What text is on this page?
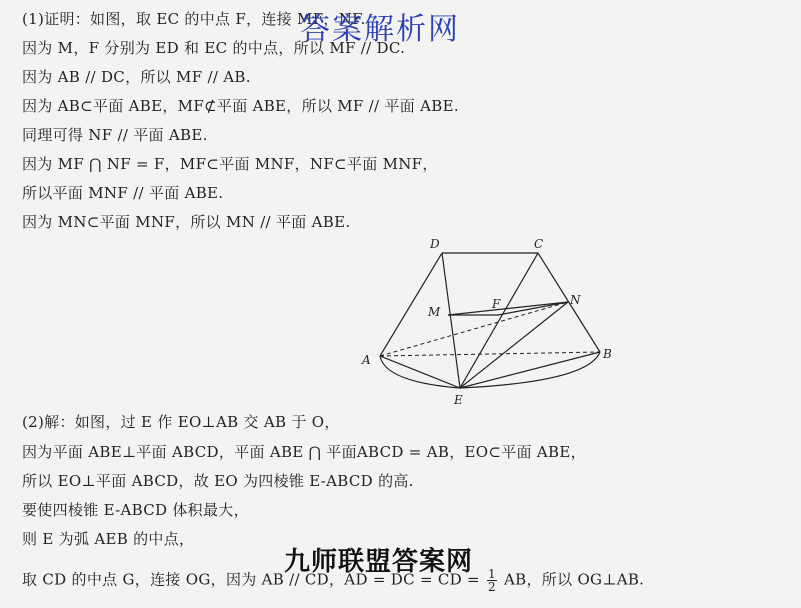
(1)证明：如图，取 EC 的中点 F，连接 MF，NF.
因为 M，F 分别为 ED 和 EC 的中点，所以 MF // DC.
因为 AB // DC，所以 MF // AB.
因为 AB⊂平面 ABE，MF⊄平面 ABE，所以 MF // 平面 ABE.
同理可得 NF // 平面 ABE.
因为 MF ⋂ NF = F，MF⊂平面 MNF，NF⊂平面 MNF，
所以平面 MNF // 平面 ABE.
因为 MN⊂平面 MNF，所以 MN // 平面 ABE.
D	C
M
F	N
A	B
E
(2)解：如图，过 E 作 EO⊥AB 交 AB 于 O，
因为平面 ABE⊥平面 ABCD，平面 ABE ⋂ 平面ABCD = AB，EO⊂平面 ABE，
所以 EO⊥平面 ABCD，故 EO 为四棱锥 E-ABCD 的高.
要使四棱锥 E-ABCD 体积最大，
则 E 为弧 AEB 的中点，
取 CD 的中点 G，连接 OG，因为 AB // CD，AD = DC = CD = $\frac{1}{2}$ AB，所以 OG⊥AB.
答案解析网
九师联盟答案网
